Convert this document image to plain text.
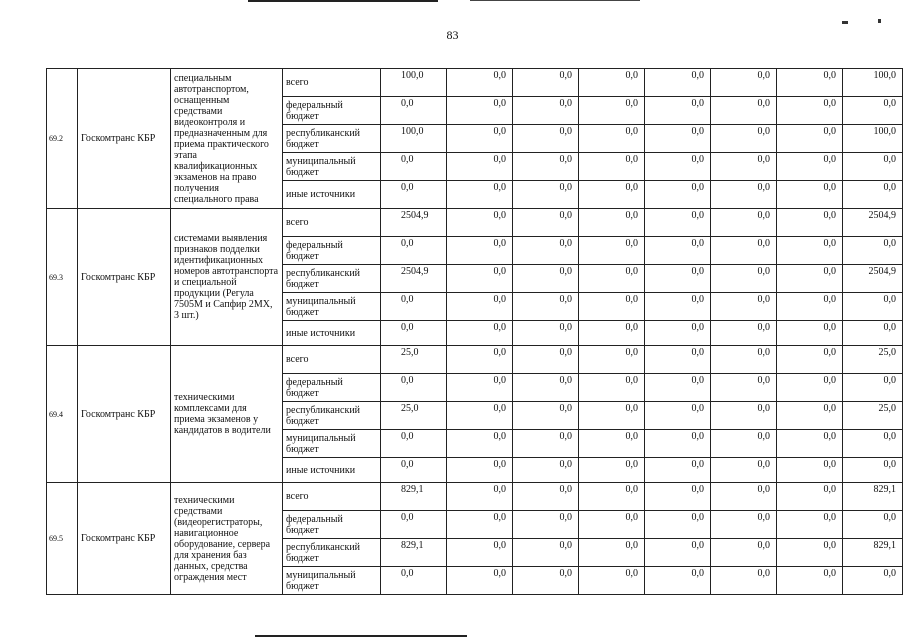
83
69.2	Госкомтранс КБР	специальным автотранспортом, оснащенным средствами видеоконтроля и предназначенным для приема практического этапа квалификационных экзаменов на право получения специального права	всего	100,0	0,0	0,0	0,0	0,0	0,0	0,0	100,0
			федеральный бюджет	0,0	0,0	0,0	0,0	0,0	0,0	0,0	0,0
			республиканский бюджет	100,0	0,0	0,0	0,0	0,0	0,0	0,0	100,0
			муниципальный бюджет	0,0	0,0	0,0	0,0	0,0	0,0	0,0	0,0
			иные источники	0,0	0,0	0,0	0,0	0,0	0,0	0,0	0,0
69.3	Госкомтранс КБР	системами выявления признаков подделки идентификационных номеров автотранспорта и специальной продукции (Регула 7505М и Сапфир 2МХ, 3 шт.)	всего	2504,9	0,0	0,0	0,0	0,0	0,0	0,0	2504,9
			федеральный бюджет	0,0	0,0	0,0	0,0	0,0	0,0	0,0	0,0
			республиканский бюджет	2504,9	0,0	0,0	0,0	0,0	0,0	0,0	2504,9
			муниципальный бюджет	0,0	0,0	0,0	0,0	0,0	0,0	0,0	0,0
			иные источники	0,0	0,0	0,0	0,0	0,0	0,0	0,0	0,0
69.4	Госкомтранс КБР	техническими комплексами для приема экзаменов у кандидатов в водители	всего	25,0	0,0	0,0	0,0	0,0	0,0	0,0	25,0
			федеральный бюджет	0,0	0,0	0,0	0,0	0,0	0,0	0,0	0,0
			республиканский бюджет	25,0	0,0	0,0	0,0	0,0	0,0	0,0	25,0
			муниципальный бюджет	0,0	0,0	0,0	0,0	0,0	0,0	0,0	0,0
			иные источники	0,0	0,0	0,0	0,0	0,0	0,0	0,0	0,0
69.5	Госкомтранс КБР	техническими средствами (видеорегистраторы, навигационное оборудование, сервера для хранения баз данных, средства ограждения мест	всего	829,1	0,0	0,0	0,0	0,0	0,0	0,0	829,1
			федеральный бюджет	0,0	0,0	0,0	0,0	0,0	0,0	0,0	0,0
			республиканский бюджет	829,1	0,0	0,0	0,0	0,0	0,0	0,0	829,1
			муниципальный бюджет	0,0	0,0	0,0	0,0	0,0	0,0	0,0	0,0
